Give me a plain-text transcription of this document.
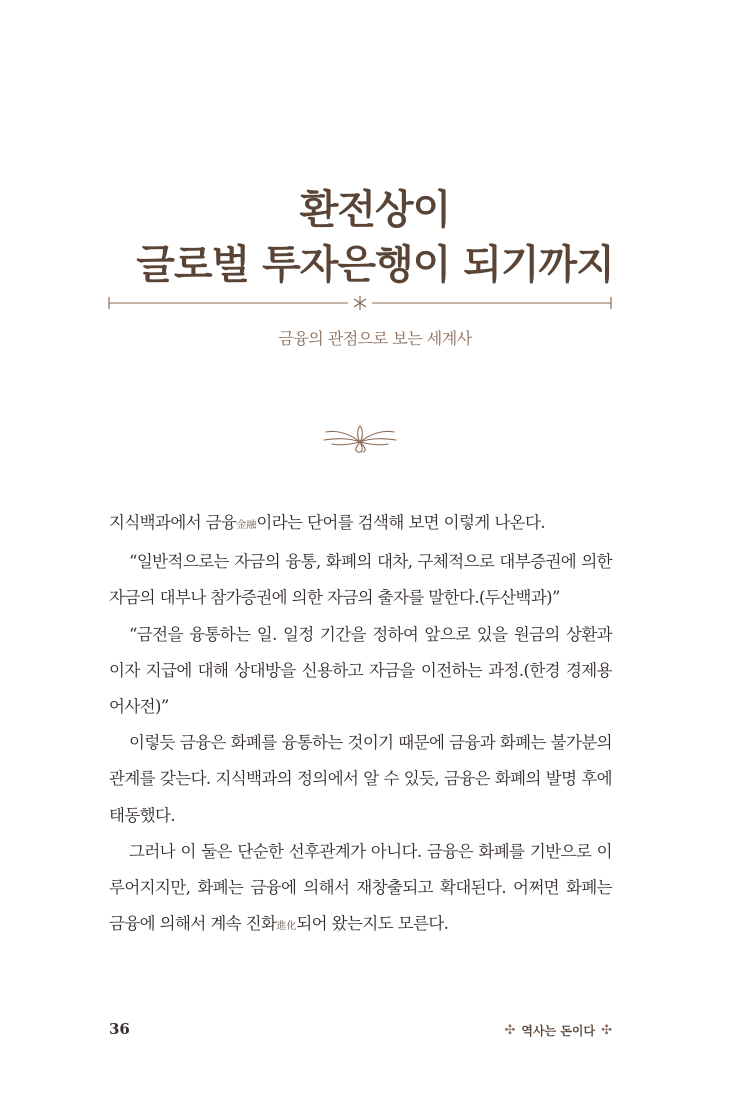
환전상이
글로벌 투자은행이 되기까지
금융의 관점으로 보는 세계사

지식백과에서 금융金融이라는 단어를 검색해 보면 이렇게 나온다.

“일반적으로는 자금의 융통, 화폐의 대차, 구체적으로 대부증권에 의한 자금의 대부나 참가증권에 의한 자금의 출자를 말한다.(두산백과)”

“금전을 융통하는 일. 일정 기간을 정하여 앞으로 있을 원금의 상환과 이자 지급에 대해 상대방을 신용하고 자금을 이전하는 과정.(한경 경제용어사전)”

이렇듯 금융은 화폐를 융통하는 것이기 때문에 금융과 화폐는 불가분의 관계를 갖는다. 지식백과의 정의에서 알 수 있듯, 금융은 화폐의 발명 후에 태동했다.

그러나 이 둘은 단순한 선후관계가 아니다. 금융은 화폐를 기반으로 이루어지지만, 화폐는 금융에 의해서 재창출되고 확대된다. 어쩌면 화폐는 금융에 의해서 계속 진화進化되어 왔는지도 모른다.

36	✣ 역사는 돈이다 ✣
